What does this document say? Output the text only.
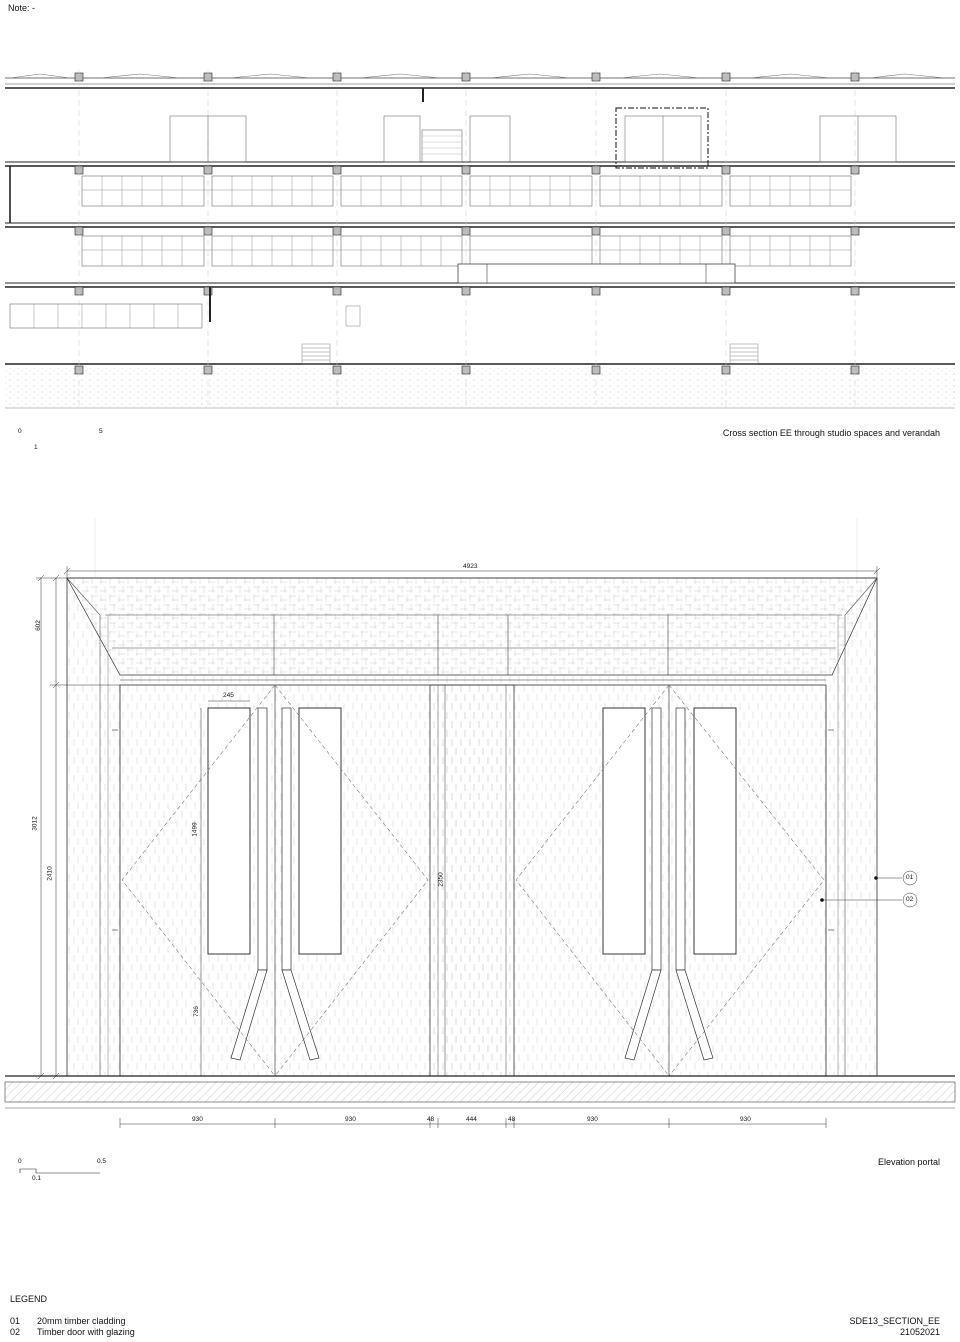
Note: -
0
1
5	Cross section EE through studio spaces and verandah
4923
602
3012
2410
245
1499
2350
736
930	930	48	444	48	930	930
01
02
0
0.1
0.5	Elevation portal
LEGEND
01 20mm timber cladding
02 Timber door with glazing
SDE13_SECTION_EE
21052021
